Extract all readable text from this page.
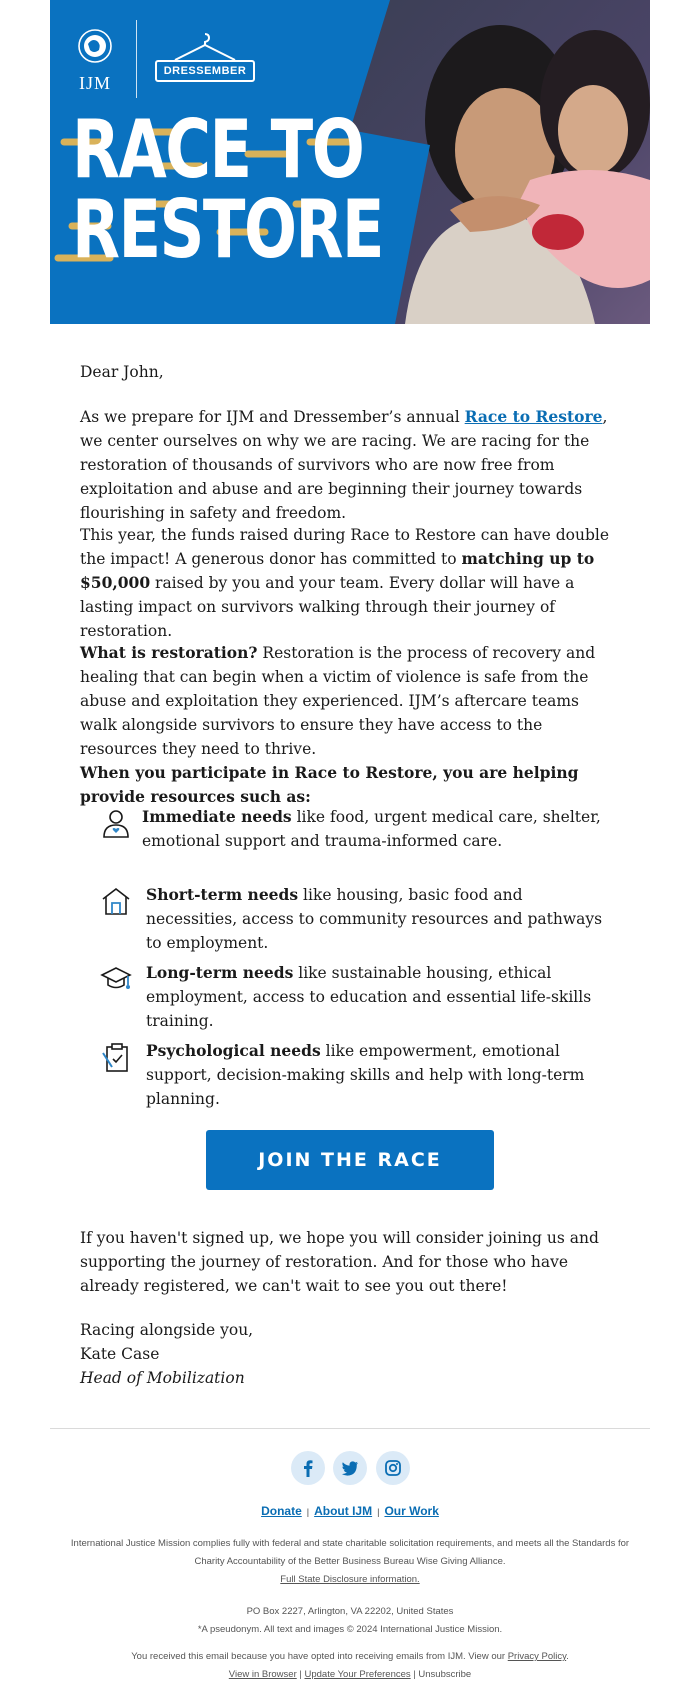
IJM
DRESSEMBER
RACE TO
RESTORE

Dear John,

As we prepare for IJM and Dressember’s annual Race to Restore, we center ourselves on why we are racing. We are racing for the restoration of thousands of survivors who are now free from exploitation and abuse and are beginning their journey towards flourishing in safety and freedom.

This year, the funds raised during Race to Restore can have double the impact! A generous donor has committed to matching up to $50,000 raised by you and your team. Every dollar will have a lasting impact on survivors walking through their journey of restoration.

What is restoration? Restoration is the process of recovery and healing that can begin when a victim of violence is safe from the abuse and exploitation they experienced. IJM’s aftercare teams walk alongside survivors to ensure they have access to the resources they need to thrive.
When you participate in Race to Restore, you are helping provide resources such as:

Immediate needs like food, urgent medical care, shelter, emotional support and trauma-informed care.
Short-term needs like housing, basic food and necessities, access to community resources and pathways to employment.
Long-term needs like sustainable housing, ethical employment, access to education and essential life-skills training.
Psychological needs like empowerment, emotional support, decision-making skills and help with long-term planning.
JOIN THE RACE

If you haven't signed up, we hope you will consider joining us and supporting the journey of restoration. And for those who have already registered, we can't wait to see you out there!

Racing alongside you,
Kate Case
Head of Mobilization

Donate | About IJM | Our Work
International Justice Mission complies fully with federal and state charitable solicitation requirements, and meets all the Standards for Charity Accountability of the Better Business Bureau Wise Giving Alliance.
Full State Disclosure information.
PO Box 2227, Arlington, VA 22202, United States
*A pseudonym. All text and images © 2024 International Justice Mission.
You received this email because you have opted into receiving emails from IJM. View our Privacy Policy.
View in Browser | Update Your Preferences | Unsubscribe
